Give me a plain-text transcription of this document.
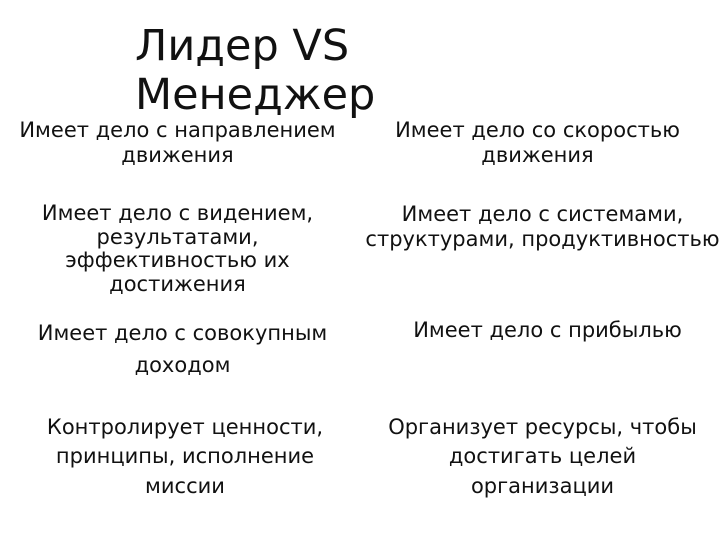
Лидер VS Менеджер
Имеет дело с направлением
движения
Имеет дело со скоростью
движения
Имеет дело с видением,
результатами,
эффективностью их
достижения
Имеет дело с системами,
структурами, продуктивностью
Имеет дело с совокупным
доходом
Имеет дело с прибылью
Контролирует ценности,
принципы, исполнение
миссии
Организует ресурсы, чтобы
достигать целей
организации
